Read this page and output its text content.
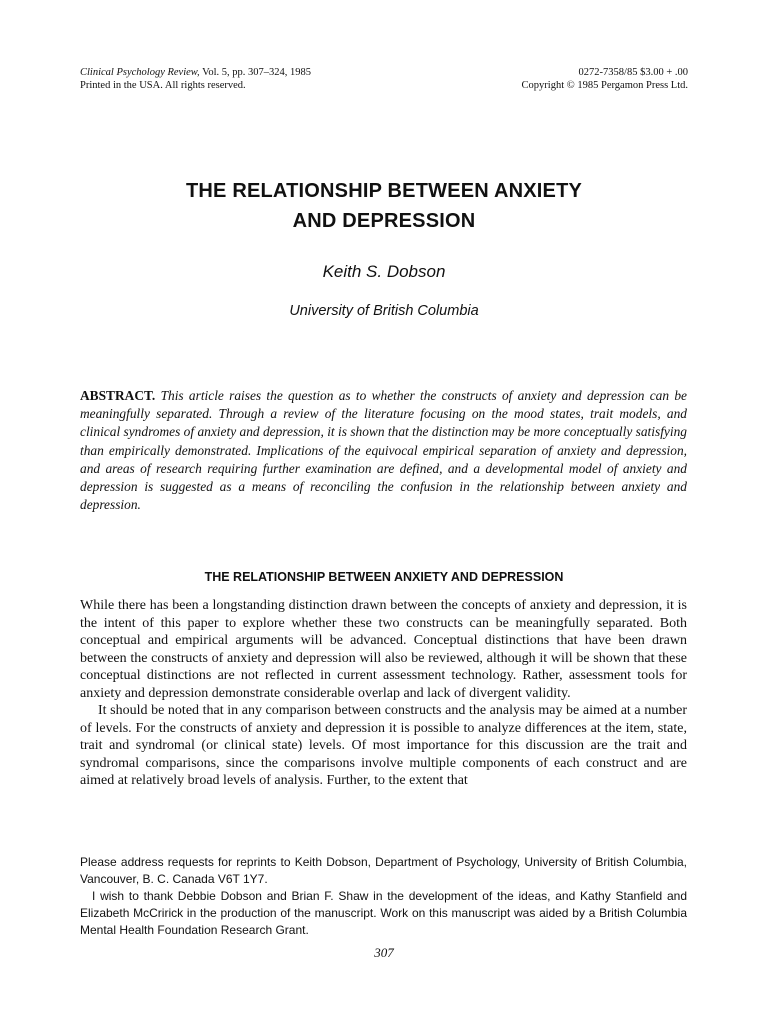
Clinical Psychology Review, Vol. 5, pp. 307–324, 1985
Printed in the USA. All rights reserved.
0272-7358/85 $3.00 + .00
Copyright © 1985 Pergamon Press Ltd.
THE RELATIONSHIP BETWEEN ANXIETY
AND DEPRESSION
Keith S. Dobson
University of British Columbia
ABSTRACT. This article raises the question as to whether the constructs of anxiety and depression can be meaningfully separated. Through a review of the literature focusing on the mood states, trait models, and clinical syndromes of anxiety and depression, it is shown that the distinction may be more conceptually satisfying than empirically demonstrated. Implications of the equivocal empirical separation of anxiety and depression, and areas of research requiring further examination are defined, and a developmental model of anxiety and depression is suggested as a means of reconciling the confusion in the relationship between anxiety and depression.
THE RELATIONSHIP BETWEEN ANXIETY AND DEPRESSION

While there has been a longstanding distinction drawn between the concepts of anxiety and depression, it is the intent of this paper to explore whether these two constructs can be meaningfully separated. Both conceptual and empirical arguments will be advanced. Conceptual distinctions that have been drawn between the constructs of anxiety and depression will also be reviewed, although it will be shown that these conceptual distinctions are not reflected in current assessment technology. Rather, assessment tools for anxiety and depression demonstrate considerable overlap and lack of divergent validity.

It should be noted that in any comparison between constructs and the analysis may be aimed at a number of levels. For the constructs of anxiety and depression it is possible to analyze differences at the item, state, trait and syndromal (or clinical state) levels. Of most importance for this discussion are the trait and syndromal comparisons, since the comparisons involve multiple components of each construct and are aimed at relatively broad levels of analysis. Further, to the extent that

Please address requests for reprints to Keith Dobson, Department of Psychology, University of British Columbia, Vancouver, B. C. Canada V6T 1Y7.

I wish to thank Debbie Dobson and Brian F. Shaw in the development of the ideas, and Kathy Stanfield and Elizabeth McCririck in the production of the manuscript. Work on this manuscript was aided by a British Columbia Mental Health Foundation Research Grant.

307
